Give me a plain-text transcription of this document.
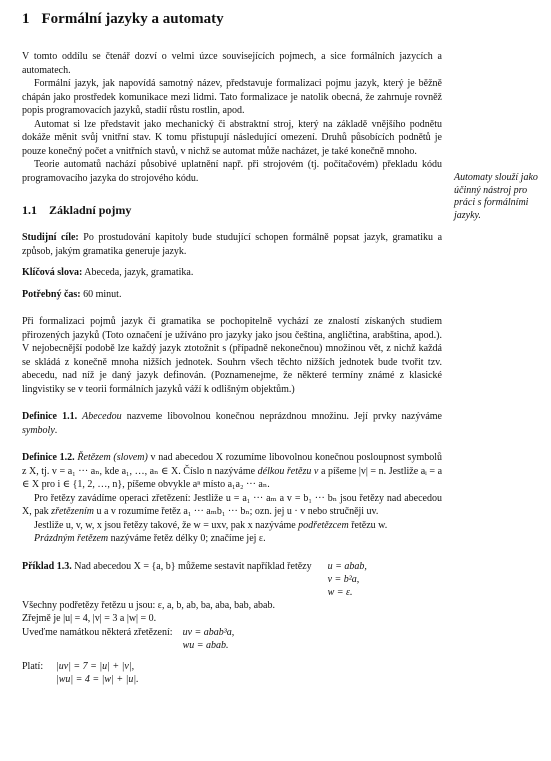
1 Formální jazyky a automaty

V tomto oddílu se čtenář dozví o velmi úzce souvisejících pojmech, a sice formálních jazycích a automatech.

Formální jazyk, jak napovídá samotný název, představuje formalizaci pojmu jazyk, který je běžně chápán jako prostředek komunikace mezi lidmi. Tato formalizace je natolik obecná, že zahrnuje rovněž popis programovacích jazyků, stadií růstu rostlin, apod.

Automat si lze představit jako mechanický či abstraktní stroj, který na základě vnějšího podnětu dokáže měnit svůj vnitřní stav. K tomu přistupují následující omezení. Druhů působících podnětů je pouze konečný počet a vnitřních stavů, v nichž se automat může nacházet, je také konečně mnoho.

Teorie automatů nachází působivé uplatnění např. při strojovém (tj. počítačovém) překladu kódu programovacího jazyka do strojového kódu.

1.1 Základní pojmy

Studijní cíle: Po prostudování kapitoly bude studující schopen formálně popsat jazyk, gramatiku a způsob, jakým gramatika generuje jazyk.

Klíčová slova: Abeceda, jazyk, gramatika.

Potřebný čas: 60 minut.

Při formalizaci pojmů jazyk či gramatika se pochopitelně vychází ze znalostí získaných studiem přirozených jazyků (Toto označení je užíváno pro jazyky jako jsou čeština, angličtina, arabština, apod.). V nejobecnější podobě lze každý jazyk ztotožnit s (případně nekonečnou) množinou vět, z nichž každá se skládá z konečně mnoha nižších jednotek. Souhrn všech těchto nižších jednotek bude tvořit tzv. abecedu, nad níž je daný jazyk definován. (Poznamenejme, že některé termíny známé z klasické lingvistiky se v teorii formálních jazyků váží k odlišným objektům.)

Definice 1.1. Abecedou nazveme libovolnou konečnou neprázdnou množinu. Její prvky nazýváme symboly.

Definice 1.2. Řetězem (slovem) v nad abecedou X rozumíme libovolnou konečnou posloupnost symbolů z X, tj. v = a₁ ··· aₙ, kde a₁, …, aₙ ∈ X. Číslo n nazýváme délkou řetězu v a píšeme |v| = n. Jestliže aᵢ = a ∈ X pro i ∈ {1, 2, …, n}, píšeme obvykle aⁿ místo a₁a₂ ··· aₙ.

Pro řetězy zavádíme operaci zřetězení: Jestliže u = a₁ ··· aₘ a v = b₁ ··· bₙ jsou řetězy nad abecedou X, pak zřetězením u a v rozumíme řetěz a₁ ··· aₘb₁ ··· bₙ; ozn. jej u · v nebo stručněji uv.

Jestliže u, v, w, x jsou řetězy takové, že w = uxv, pak x nazýváme podřetězcem řetězu w.

Prázdným řetězem nazýváme řetěz délky 0; značíme jej ε.

Příklad 1.3. Nad abecedou X = {a, b} můžeme sestavit například řetězy u = abab,
v = b²a,
w = ε.

Všechny podřetězy řetězu u jsou: ε, a, b, ab, ba, aba, bab, abab.

Zřejmě je |u| = 4, |v| = 3 a |w| = 0.

Uveďme namátkou některá zřetězení: uv = abab³a,
wu = abab.
Platí:	|uv| = 7 = |u| + |v|,
|wu| = 4 = |w| + |u|.
Automaty slouží jako účinný nástroj pro práci s formálními jazyky.
